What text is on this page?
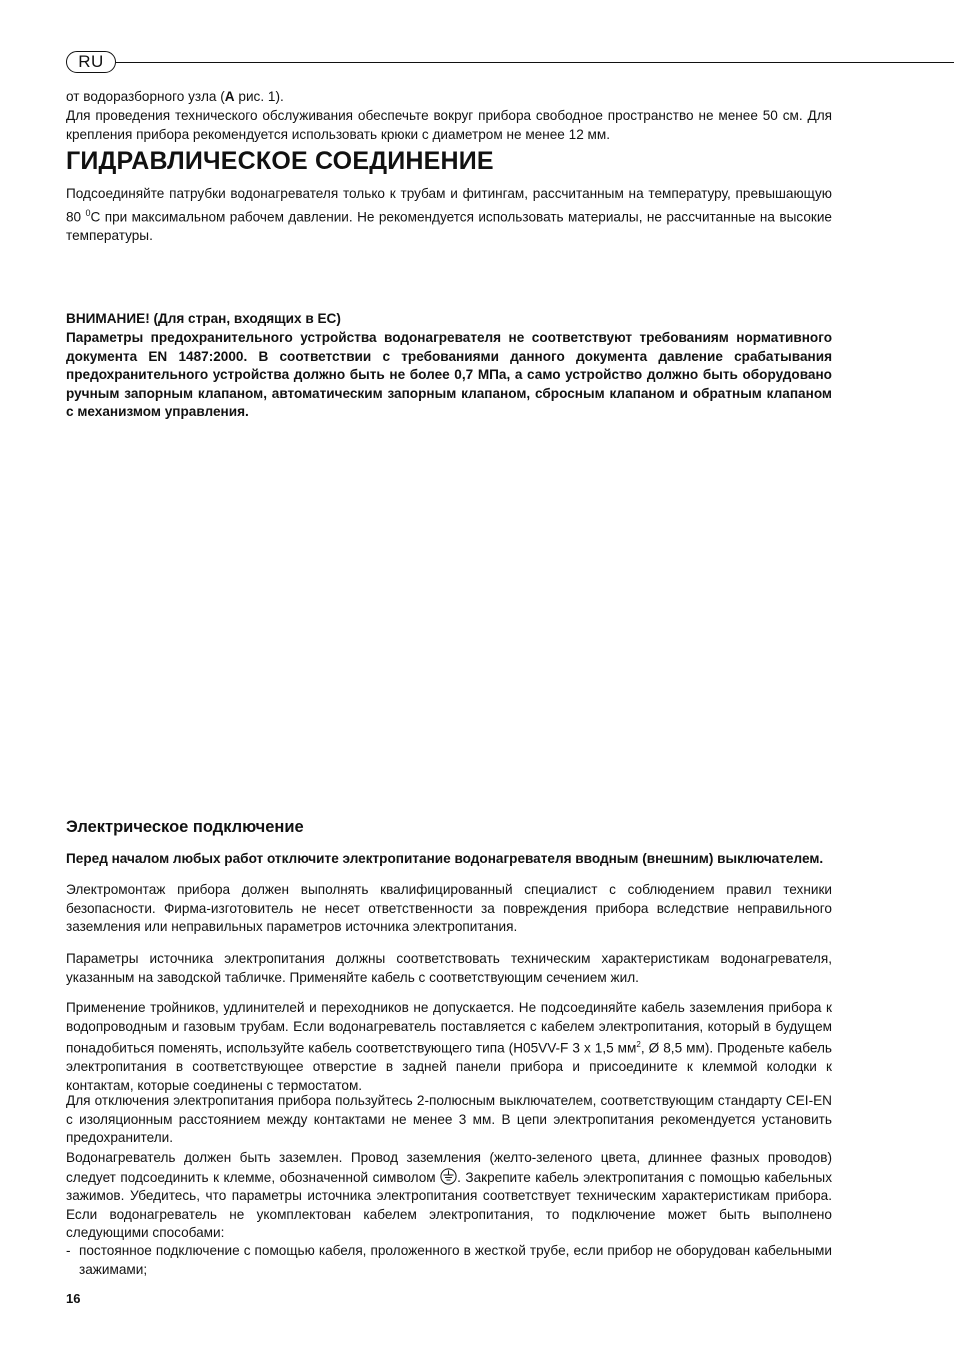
RU

от водоразборного узла (А рис. 1).

Для проведения технического обслуживания обеспечьте вокруг прибора свободное пространство не менее 50 см. Для крепления прибора рекомендуется использовать крюки с диаметром не менее 12 мм.

ГИДРАВЛИЧЕСКОЕ СОЕДИНЕНИЕ

Подсоединяйте патрубки водонагревателя только к трубам и фитингам, рассчитанным на температуру, превышающую 80 $^0$С при максимальном рабочем давлении. Не рекомендуется использовать материалы, не рассчитанные на высокие температуры.

ВНИМАНИЕ! (Для стран, входящих в ЕС)

Параметры предохранительного устройства водонагревателя не соответствуют требованиям нормативного документа EN 1487:2000. В соответствии с требованиями данного документа давление срабатывания предохранительного устройства должно быть не более 0,7 МПа, а само устройство должно быть оборудовано ручным запорным клапаном, автоматическим запорным клапаном, сбросным клапаном и обратным клапаном с механизмом управления.

Электрическое подключение

Перед началом любых работ отключите электропитание водонагревателя вводным (внешним) выключателем.

Электромонтаж прибора должен выполнять квалифицированный специалист с соблюдением правил техники безопасности. Фирма-изготовитель не несет ответственности за повреждения прибора вследствие неправильного заземления или неправильных параметров источника электропитания.

Параметры источника электропитания должны соответствовать техническим характеристикам водонагревателя, указанным на заводской табличке. Применяйте кабель с соответствующим сечением жил.

Применение тройников, удлинителей и переходников не допускается. Не подсоединяйте кабель заземления прибора к водопроводным и газовым трубам. Если водонагреватель поставляется с кабелем электропитания, который в будущем понадобиться поменять, используйте кабель соответствующего типа (H05VV-F 3 x 1,5 $мм^2$, Ø 8,5 мм). Проденьте кабель электропитания в соответствующее отверстие в задней панели прибора и присоедините к клеммой колодки к контактам, которые соединены с термостатом.

Для отключения электропитания прибора пользуйтесь 2-полюсным выключателем, соответствующим стандарту CEI-EN с изоляционным расстоянием между контактами не менее 3 мм. В цепи электропитания рекомендуется установить предохранители.

Водонагреватель должен быть заземлен. Провод заземления (желто-зеленого цвета, длиннее фазных проводов) следует подсоединить к клемме, обозначенной символом . Закрепите кабель электропитания с помощью кабельных зажимов. Убедитесь, что параметры источника электропитания соответствует техническим характеристикам прибора. Если водонагреватель не укомплектован кабелем электропитания, то подключение может быть выполнено следующими способами:

- постоянное подключение с помощью кабеля, проложенного в жесткой трубе, если прибор не оборудован кабельными зажимами;
16
